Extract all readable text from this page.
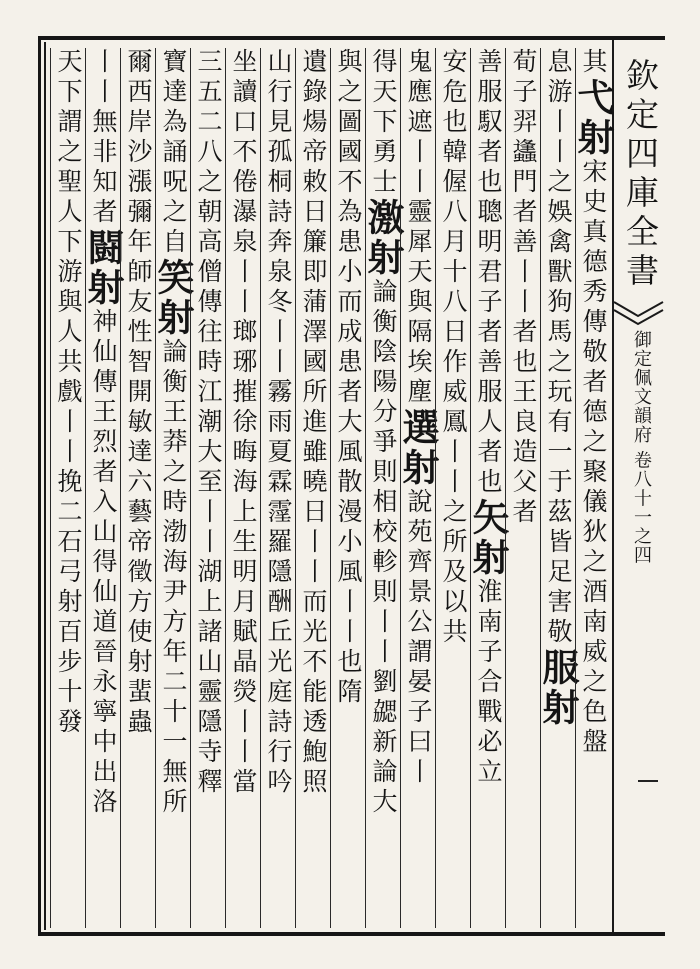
欽定四庫全書
御定佩文韻府 卷八十一之四
其弋射宋史真德秀傳敬者德之聚儀狄之酒南威之色盤
息游丨丨之娛禽獸狗馬之玩有一于茲皆足害敬服射
荀子羿蠭門者善丨丨者也王良造父者
善服馭者也聰明君子者善服人者也矢射淮南子合戰必立
安危也韓偓八月十八日作威鳳丨丨之所及以共
鬼應遮丨丨靈犀天與隔埃塵選射說苑齊景公謂晏子曰丨
得天下勇士激射論衡陰陽分爭則相校軫則丨丨劉勰新論大
與之圖國不為患小而成患者大風散漫小風丨丨也隋
遺錄煬帝敕日簾即蒲澤國所進雖曉日丨丨而光不能透鮑照
山行見孤桐詩奔泉冬丨丨霧雨夏霖霪羅隱酬丘光庭詩行吟
坐讀口不倦瀑泉丨丨瑯琊摧徐晦海上生明月賦晶熒丨丨當
三五二八之朝高僧傳往時江潮大至丨丨湖上諸山靈隱寺釋
寶達為誦呪之自笑射論衡王莽之時渤海尹方年二十一無所
爾西岸沙漲彌年師友性智開敏達六藝帝徵方使射蜚蟲
丨丨無非知者闘射神仙傳王烈者入山得仙道晉永寧中出洛
天下謂之聖人下游與人共戲丨丨挽二石弓射百步十發
